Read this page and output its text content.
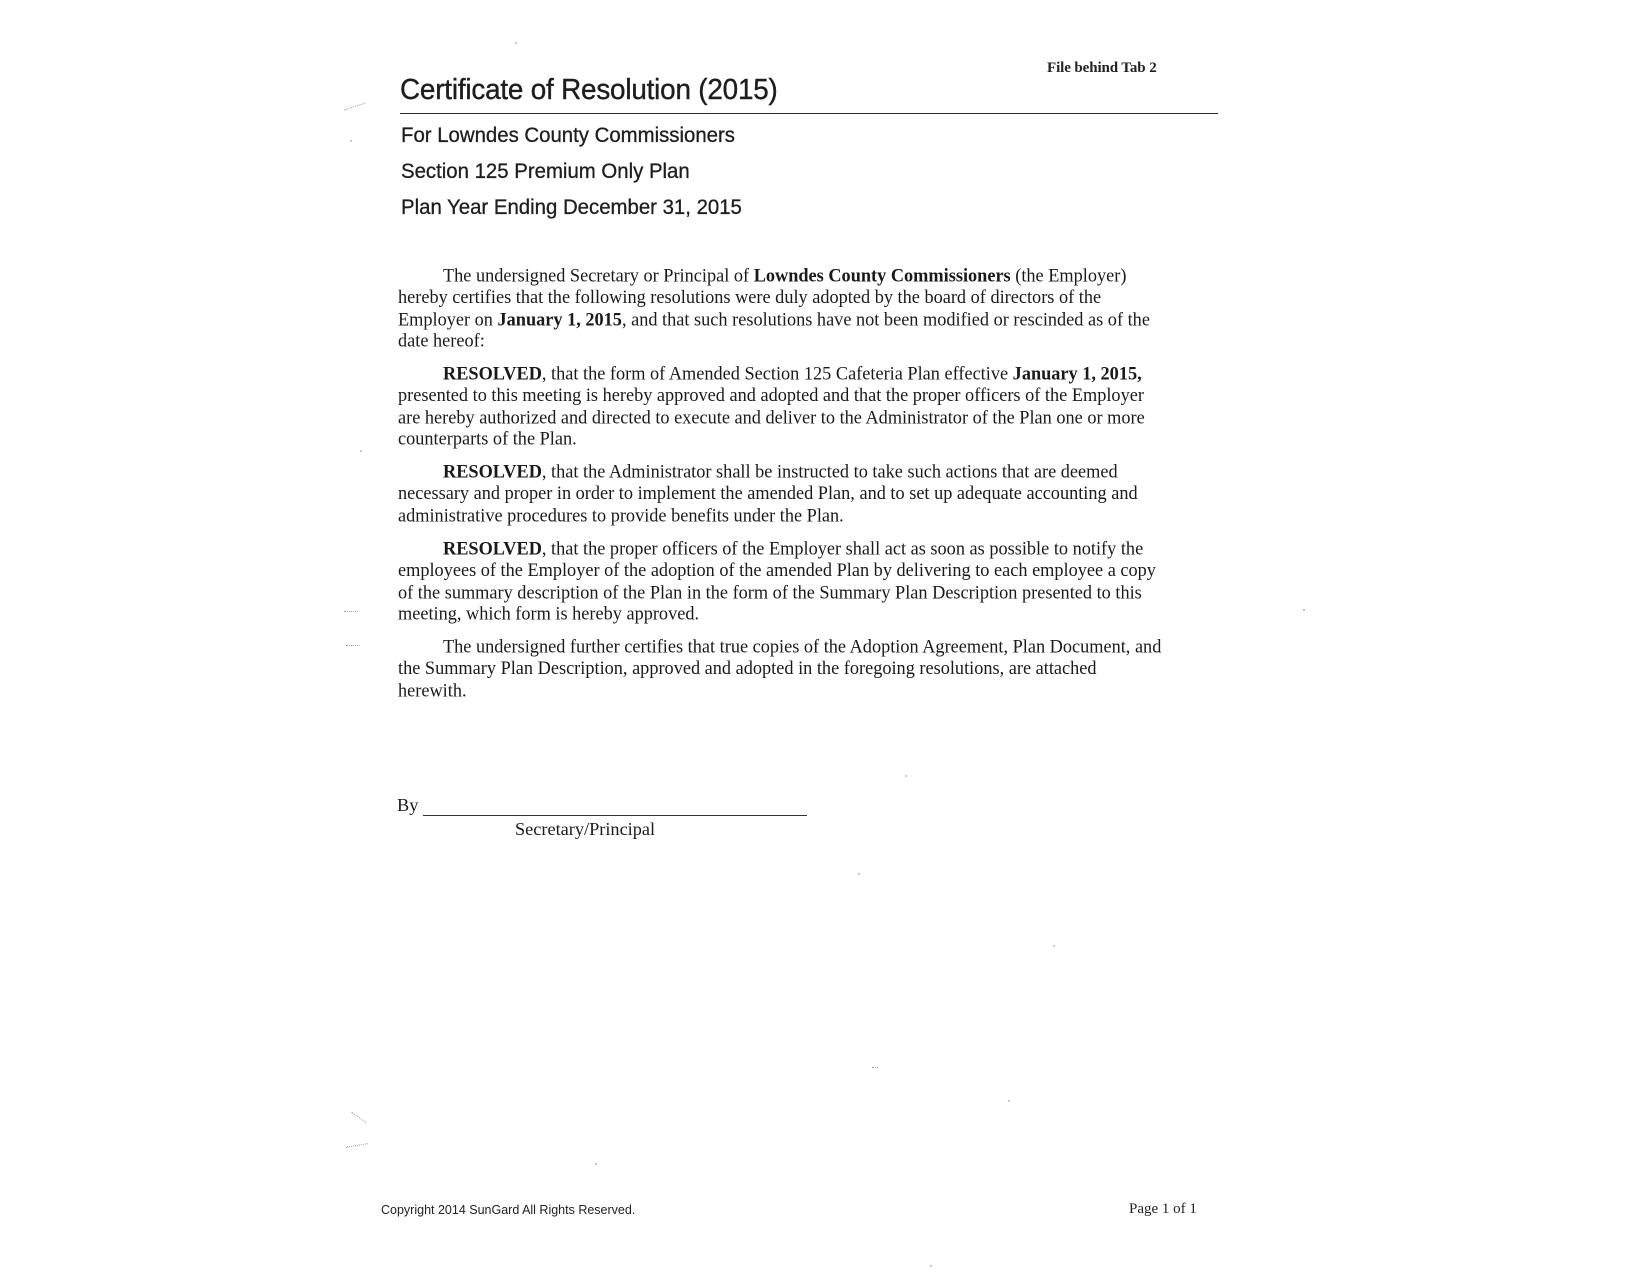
File behind Tab 2
Certificate of Resolution (2015)
For Lowndes County Commissioners
Section 125 Premium Only Plan
Plan Year Ending December 31, 2015

The undersigned Secretary or Principal of Lowndes County Commissioners (the Employer)
hereby certifies that the following resolutions were duly adopted by the board of directors of the
Employer on January 1, 2015, and that such resolutions have not been modified or rescinded as of the
date hereof:

RESOLVED, that the form of Amended Section 125 Cafeteria Plan effective January 1, 2015,
presented to this meeting is hereby approved and adopted and that the proper officers of the Employer
are hereby authorized and directed to execute and deliver to the Administrator of the Plan one or more
counterparts of the Plan.

RESOLVED, that the Administrator shall be instructed to take such actions that are deemed
necessary and proper in order to implement the amended Plan, and to set up adequate accounting and
administrative procedures to provide benefits under the Plan.

RESOLVED, that the proper officers of the Employer shall act as soon as possible to notify the
employees of the Employer of the adoption of the amended Plan by delivering to each employee a copy
of the summary description of the Plan in the form of the Summary Plan Description presented to this
meeting, which form is hereby approved.

The undersigned further certifies that true copies of the Adoption Agreement, Plan Document, and
the Summary Plan Description, approved and adopted in the foregoing resolutions, are attached
herewith.

By
Secretary/Principal
Copyright 2014 SunGard All Rights Reserved.	Page 1 of 1
